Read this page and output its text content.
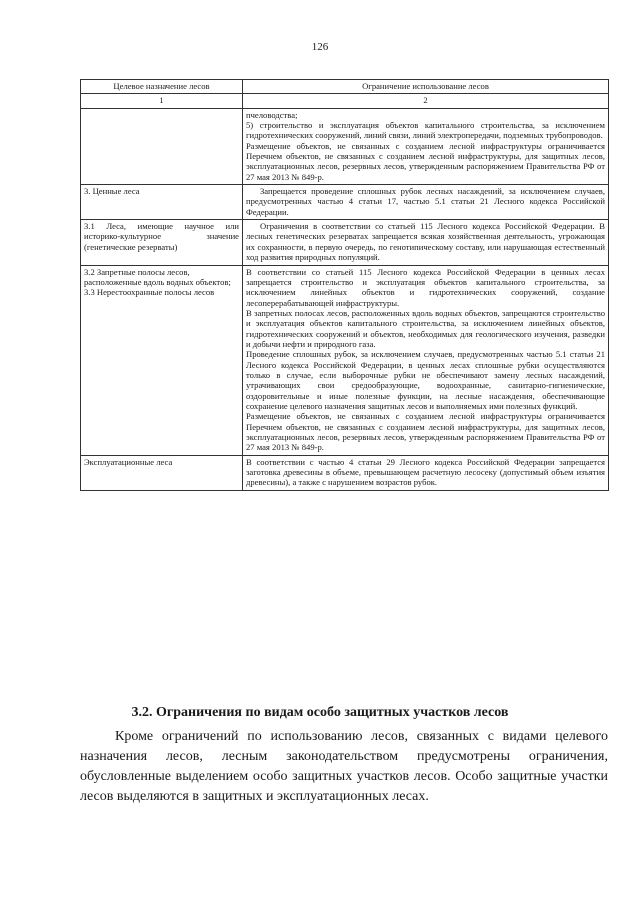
126
Целевое назначение лесов	Ограничение использование лесов
1	2

	пчеловодства;
5) строительство и эксплуатация объектов капитального строительства, за исключением гидротехнических сооружений, линий связи, линий электропередачи, подземных трубопроводов.
Размещение объектов, не связанных с созданием лесной инфраструктуры ограничивается Перечнем объектов, не связанных с созданием лесной инфраструктуры, для защитных лесов, эксплуатационных лесов, резервных лесов, утвержденным распоряжением Правительства РФ от 27 мая 2013 № 849-р.

3. Ценные леса	Запрещается проведение сплошных рубок лесных насаждений, за исключением случаев, предусмотренных частью 4 статьи 17, частью 5.1 статьи 21 Лесного кодекса Российской Федерации.

3.1 Леса, имеющие научное или историко-культурное значение (генетические резерваты)	Ограничения в соответствии со статьей 115 Лесного кодекса Российской Федерации. В лесных генетических резерватах запрещается всякая хозяйственная деятельность, угрожающая их сохранности, в первую очередь, по генотипическому составу, или нарушающая естественный ход развития природных популяций.

3.2 Запретные полосы лесов, расположенные вдоль водных объектов;
3.3 Нерестоохранные полосы лесов	В соответствии со статьей 115 Лесного кодекса Российской Федерации в ценных лесах запрещается строительство и эксплуатация объектов капитального строительства, за исключением линейных объектов и гидротехнических сооружений, создание лесоперерабатывающей инфраструктуры.
В запретных полосах лесов, расположенных вдоль водных объектов, запрещаются строительство и эксплуатация объектов капитального строительства, за исключением линейных объектов, гидротехнических сооружений и объектов, необходимых для геологического изучения, разведки и добычи нефти и природного газа.
Проведение сплошных рубок, за исключением случаев, предусмотренных частью 5.1 статьи 21 Лесного кодекса Российской Федерации, в ценных лесах сплошные рубки осуществляются только в случае, если выборочные рубки не обеспечивают замену лесных насаждений, утрачивающих свои средообразующие, водоохранные, санитарно-гигиенические, оздоровительные и иные полезные функции, на лесные насаждения, обеспечивающие сохранение целевого назначения защитных лесов и выполняемых ими полезных функций.
Размещение объектов, не связанных с созданием лесной инфраструктуры ограничивается Перечнем объектов, не связанных с созданием лесной инфраструктуры, для защитных лесов, эксплуатационных лесов, резервных лесов, утвержденным распоряжением Правительства РФ от 27 мая 2013 № 849-р.

Эксплуатационные леса	В соответствии с частью 4 статьи 29 Лесного кодекса Российской Федерации запрещается заготовка древесины в объеме, превышающем расчетную лесосеку (допустимый объем изъятия древесины), а также с нарушением возрастов рубок.
3.2. Ограничения по видам особо защитных участков лесов

Кроме ограничений по использованию лесов, связанных с видами целевого назначения лесов, лесным законодательством предусмотрены ограничения, обусловленные выделением особо защитных участков лесов. Особо защитные участки лесов выделяются в защитных и эксплуатационных лесах.
